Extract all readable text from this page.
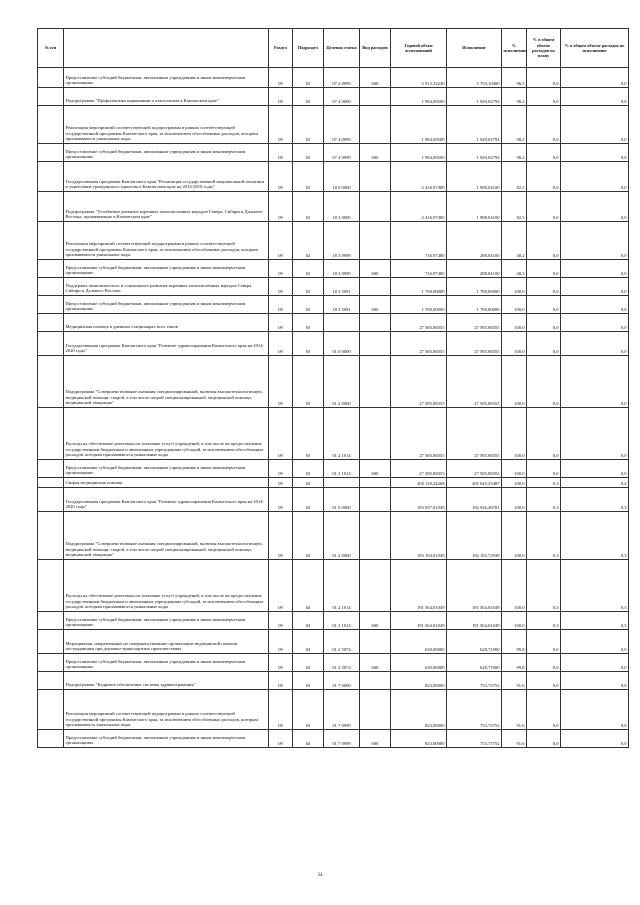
№ п/п		Раздел	Подраздел	Целевая статья	Вид расходов	Годовой объем ассигнований	Исполнение	% исполнения	% в общем объеме расходов по плану	% в общем объеме расходов по исполнению
	Предоставление субсидий бюджетным, автономным учреждениям и иным некоммерческим организациям	09	02	07 2 0999	600	5 913,32230	5 703,10400	96,5	0,0	0,0
	Подпрограмма "Профилактика наркомании и алкоголизма в Камчатском крае"	09	02	07 4 0000		1 984,08500	1 949,02794	98,2	0,0	0,0
	Реализация мероприятий соответствующей подпрограммы в рамках соответствующей государственной программы Камчатского края, за исключением обособленных расходов, которым присваиваются уникальные коды	09	02	07 4 0999		1 984,08500	1 949,02794	98,2	0,0	0,0
	Предоставление субсидий бюджетным, автономным учреждениям и иным некоммерческим организациям	09	02	07 4 0999	600	1 984,08500	1 949,02794	98,2	0,0	0,0
	Государственная программа Камчатского края "Реализация государственной национальной политики и укрепление гражданского единства в Камчатском крае на 2014-2018 годы"	09	02	18 0 0000		2 416,97400	1 988,04100	82,3	0,0	0,0
	Подпрограмма "Устойчивое развитие коренных малочисленных народов Севера, Сибири и Дальнего Востока, проживающих в Камчатском крае"	09	02	18 3 0000		2 416,97400	1 988,04100	82,3	0,0	0,0
	Реализация мероприятий соответствующей подпрограммы в рамках соответствующей государственной программы Камчатского края, за исключением обособленных расходов, которым присваиваются уникальные коды	09	02	18 3 0999		716,97400	288,04100	40,2	0,0	0,0
	Предоставление субсидий бюджетным, автономным учреждениям и иным некоммерческим организациям	09	02	18 3 0999	600	716,97400	288,04100	40,2	0,0	0,0
	Поддержка экономического и социального развития коренных малочисленных народов Севера, Сибири и Дальнего Востока	09	02	18 3 5091		1 700,00000	1 700,00000	100,0	0,0	0,0
	Предоставление субсидий бюджетным, автономным учреждениям и иным некоммерческим организациям	09	02	18 3 5091	600	1 700,00000	1 700,00000	100,0	0,0	0,0
	Медицинская помощь в дневных стационарах всех типов	09	03			27 585,88355	27 585,88355	100,0	0,0	0,0
	Государственная программа Камчатского края "Развитие здравоохранения Камчатского края на 2014-2020 годы"	09	03	01 0 0000		27 585,88355	27 585,88355	100,0	0,0	0,0
	Подпрограмма "Совершенствование оказания специализированной, включая высокотехнологичную, медицинской помощи, скорой, в том числе скорой специализированной, медицинской помощи, медицинской эвакуации"	09	03	01 2 0000		27 585,88355	27 585,88355	100,0	0,0	0,0
	Расходы на обеспечение деятельности (оказание услуг) учреждений, в том числе на предоставление государственным бюджетным и автономным учреждениям субсидий, за исключением обособленных расходов, которым присваиваются уникальные коды	09	03	01 2 1014		27 585,88355	27 585,88355	100,0	0,0	0,0
	Предоставление субсидий бюджетным, автономным учреждениям и иным некоммерческим организациям	09	03	01 2 1014	600	27 585,88355	27 585,88355	100,0	0,0	0,0
	Скорая медицинская помощь	09	04			205 118,24268	205 045,25487	100,0	0,3	0,4
	Государственная программа Камчатского края "Развитие здравоохранения Камчатского края на 2014-2020 годы"	09	04	01 0 0000		193 037,01049	192 946,46701	100,0	0,3	0,3
	Подпрограмма "Совершенствование оказания специализированной, включая высокотехнологичную, медицинской помощи, скорой, в том числе скорой специализированной, медицинской помощи, медицинской эвакуации"	09	04	01 2 0000		193 194,01049	192 192,72949	100,0	0,3	0,3
	Расходы на обеспечение деятельности (оказание услуг) учреждений, в том числе на предоставление государственным бюджетным и автономным учреждениям субсидий, за исключением обособленных расходов, которым присваиваются уникальные коды	09	04	01 2 1014		191 564,01049	191 564,01049	100,0	0,3	0,3
	Предоставление субсидий бюджетным, автономным учреждениям и иным некоммерческим организациям	09	04	01 2 1014	600	191 564,01049	191 564,01049	100,0	0,3	0,3
	Мероприятия, направленные на совершенствование организации медицинской помощи пострадавшим при дорожно-транспортных происшествиях	09	04	01 2 5074		630,00000	628,71900	99,8	0,0	0,0
	Предоставление субсидий бюджетным, автономным учреждениям и иным некоммерческим организациям	09	04	01 2 5074	600	630,00000	628,71900	99,8	0,0	0,0
	Подпрограмма "Кадровое обеспечение системы здравоохранения"	09	04	01 7 0000		823,00000	753,73752	91,6	0,0	0,0
	Реализация мероприятий соответствующей подпрограммы в рамках соответствующей государственной программы Камчатского края, за исключением обособленных расходов, которым присваиваются уникальные коды	09	04	01 7 0999		823,00000	753,73752	91,6	0,0	0,0
	Предоставление субсидий бюджетным, автономным учреждениям и иным некоммерческим организациям	09	04	01 7 0999	600	823,00000	753,73752	91,6	0,0	0,0
34
